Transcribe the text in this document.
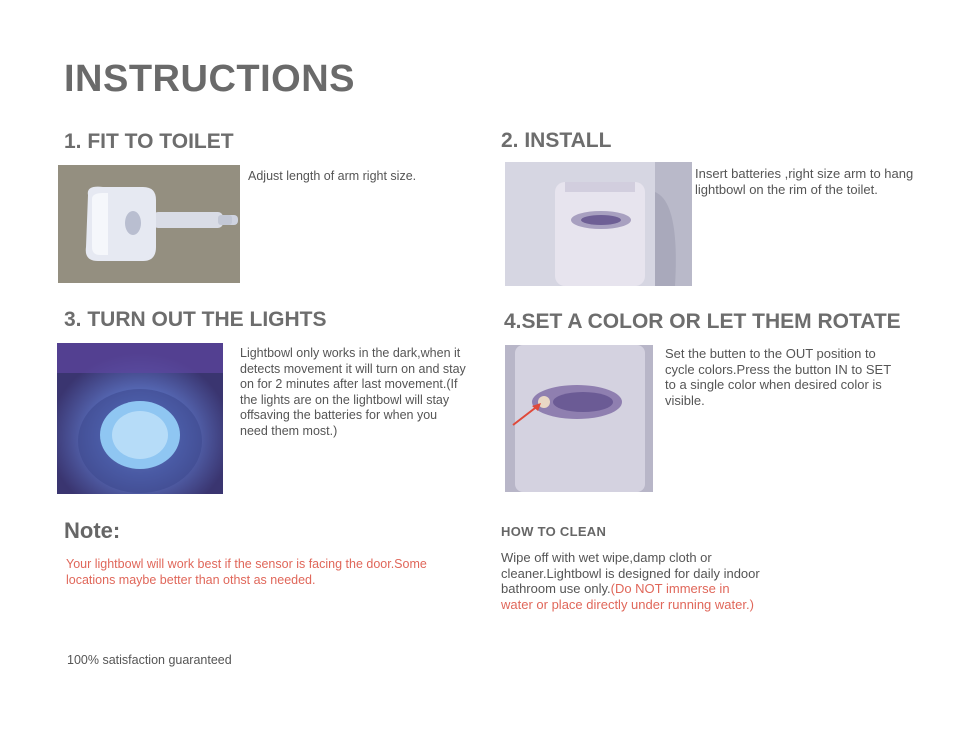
INSTRUCTIONS
1. FIT TO TOILET

Adjust length of arm right size.

2. INSTALL

Insert batteries ,right size arm to hang lightbowl on the rim of the toilet.

3. TURN OUT THE LIGHTS

Lightbowl only works in the dark,when it detects movement it will turn on and stay on for 2 minutes after last movement.(If the lights are on the lightbowl will stay offsaving the batteries for when you need them most.)

4.SET A COLOR OR LET THEM ROTATE

Set the butten to the OUT position to cycle colors.Press the button IN to SET to a single color when desired color is visible.

Note:

Your lightbowl will work best if the sensor is facing the door.Some locations maybe better than othst as needed.

HOW TO CLEAN

Wipe off with wet wipe,damp cloth or cleaner.Lightbowl is designed for daily indoor bathroom use only.(Do NOT immerse in water or place directly under running water.)

100% satisfaction guaranteed
